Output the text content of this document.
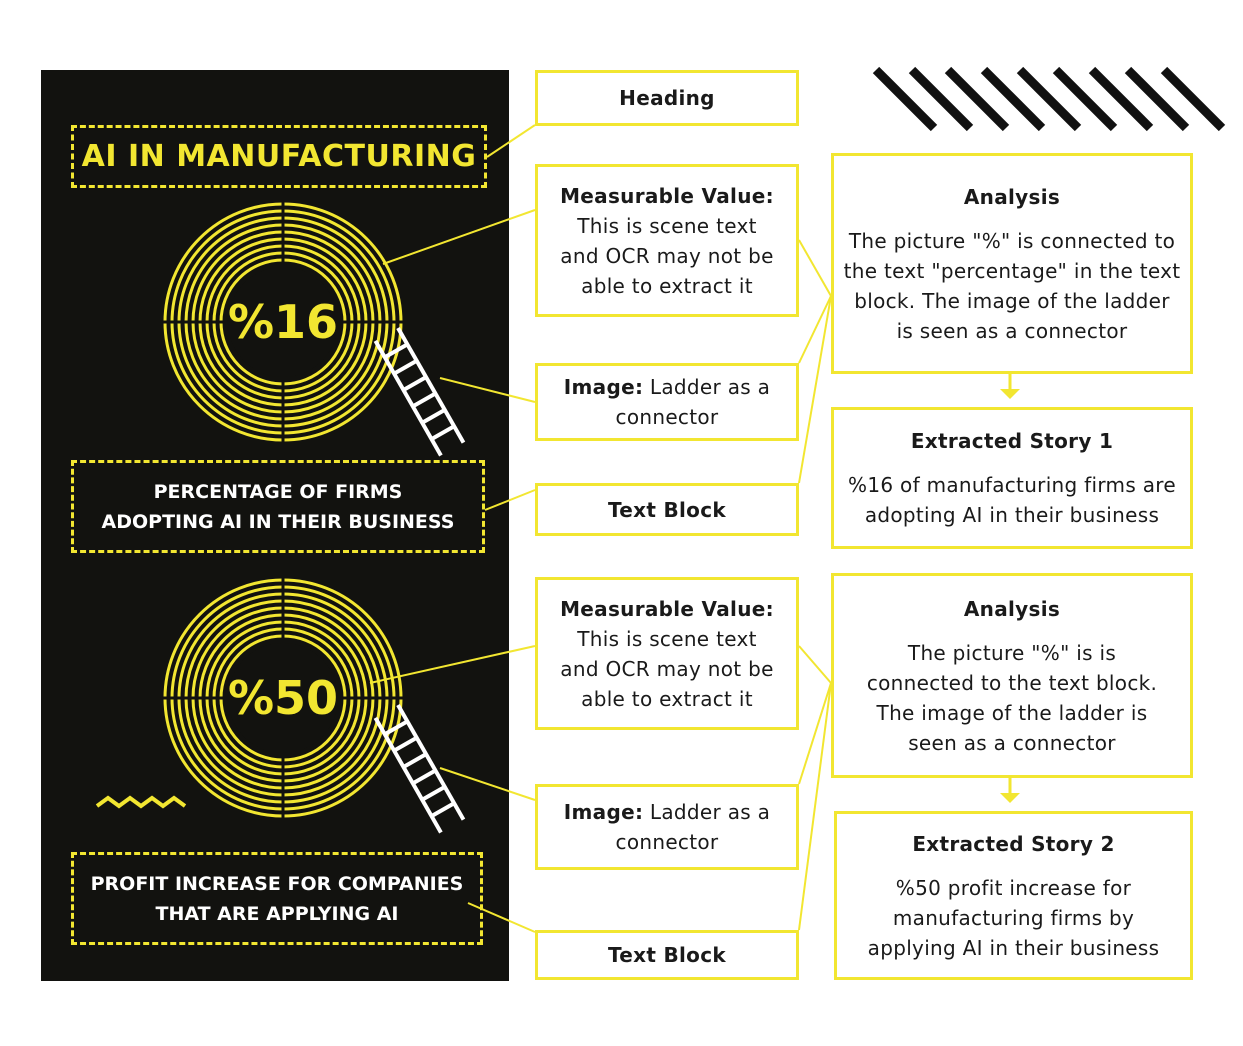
%16
%50
AI IN MANUFACTURING
PERCENTAGE OF FIRMS
ADOPTING AI IN THEIR BUSINESS
PROFIT INCREASE FOR COMPANIES
THAT ARE APPLYING AI
Heading
Measurable Value:
This is scene text
and OCR may not be
able to extract it
Image: Ladder as a
connector
Text Block
Measurable Value:
This is scene text
and OCR may not be
able to extract it
Image: Ladder as a
connector
Text Block
Analysis
The picture "%" is connected to
the text "percentage" in the text
block. The image of the ladder
is seen as a connector
Extracted Story 1
%16 of manufacturing firms are
adopting AI in their business
Analysis
The picture "%" is is
connected to the text block.
The image of the ladder is
seen as a connector
Extracted Story 2
%50 profit increase for
manufacturing firms by
applying AI in their business
